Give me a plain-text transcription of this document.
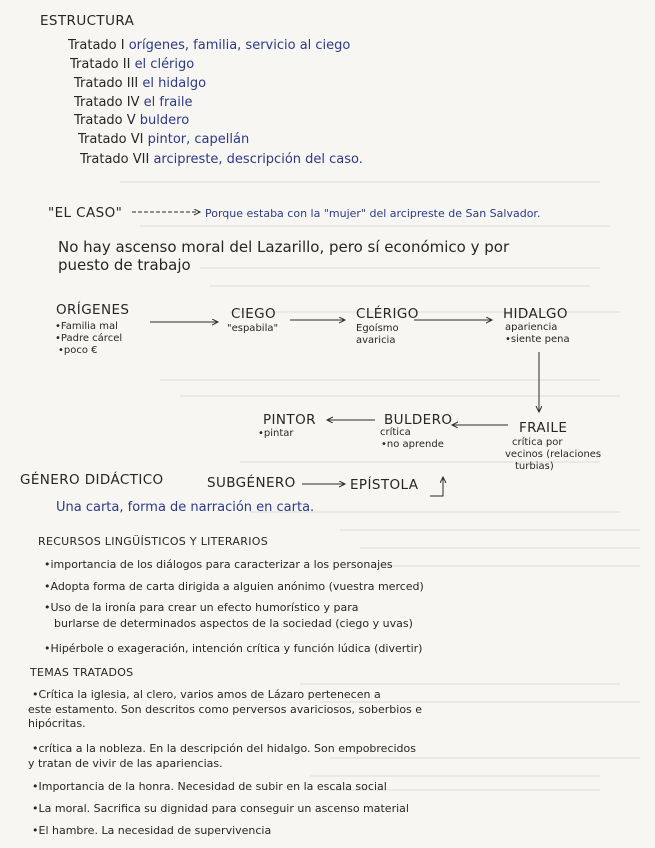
ESTRUCTURA
Tratado I orígenes, familia, servicio al ciego
Tratado II el clérigo
Tratado III el hidalgo
Tratado IV el fraile
Tratado V buldero
Tratado VI pintor, capellán
Tratado VII arcipreste, descripción del caso.
"EL CASO"	Porque estaba con la "mujer" del arcipreste de San Salvador.
No hay ascenso moral del Lazarillo, pero sí económico y por
puesto de trabajo
ORÍGENES
•Familia mal
•Padre cárcel
•poco €
CIEGO
"espabila"
CLÉRIGO
Egoísmo
avaricia
HIDALGO
apariencia
•siente pena
FRAILE
crítica por
vecinos (relaciones
turbias)
BULDERO
crítica
•no aprende
PINTOR
•pintar
GÉNERO DIDÁCTICO	SUBGÉNERO	EPÍSTOLA
Una carta, forma de narración en carta.
RECURSOS LINGÜÍSTICOS Y LITERARIOS
•importancia de los diálogos para caracterizar a los personajes
•Adopta forma de carta dirigida a alguien anónimo (vuestra merced)
•Uso de la ironía para crear un efecto humorístico y para
burlarse de determinados aspectos de la sociedad (ciego y uvas)
•Hipérbole o exageración, intención crítica y función lúdica (divertir)
TEMAS TRATADOS
•Crítica la iglesia, al clero, varios amos de Lázaro pertenecen a
este estamento. Son descritos como perversos avariciosos, soberbios e
hipócritas.
•crítica a la nobleza. En la descripción del hidalgo. Son empobrecidos
y tratan de vivir de las apariencias.
•Importancia de la honra. Necesidad de subir en la escala social
•La moral. Sacrifica su dignidad para conseguir un ascenso material
•El hambre. La necesidad de supervivencia
